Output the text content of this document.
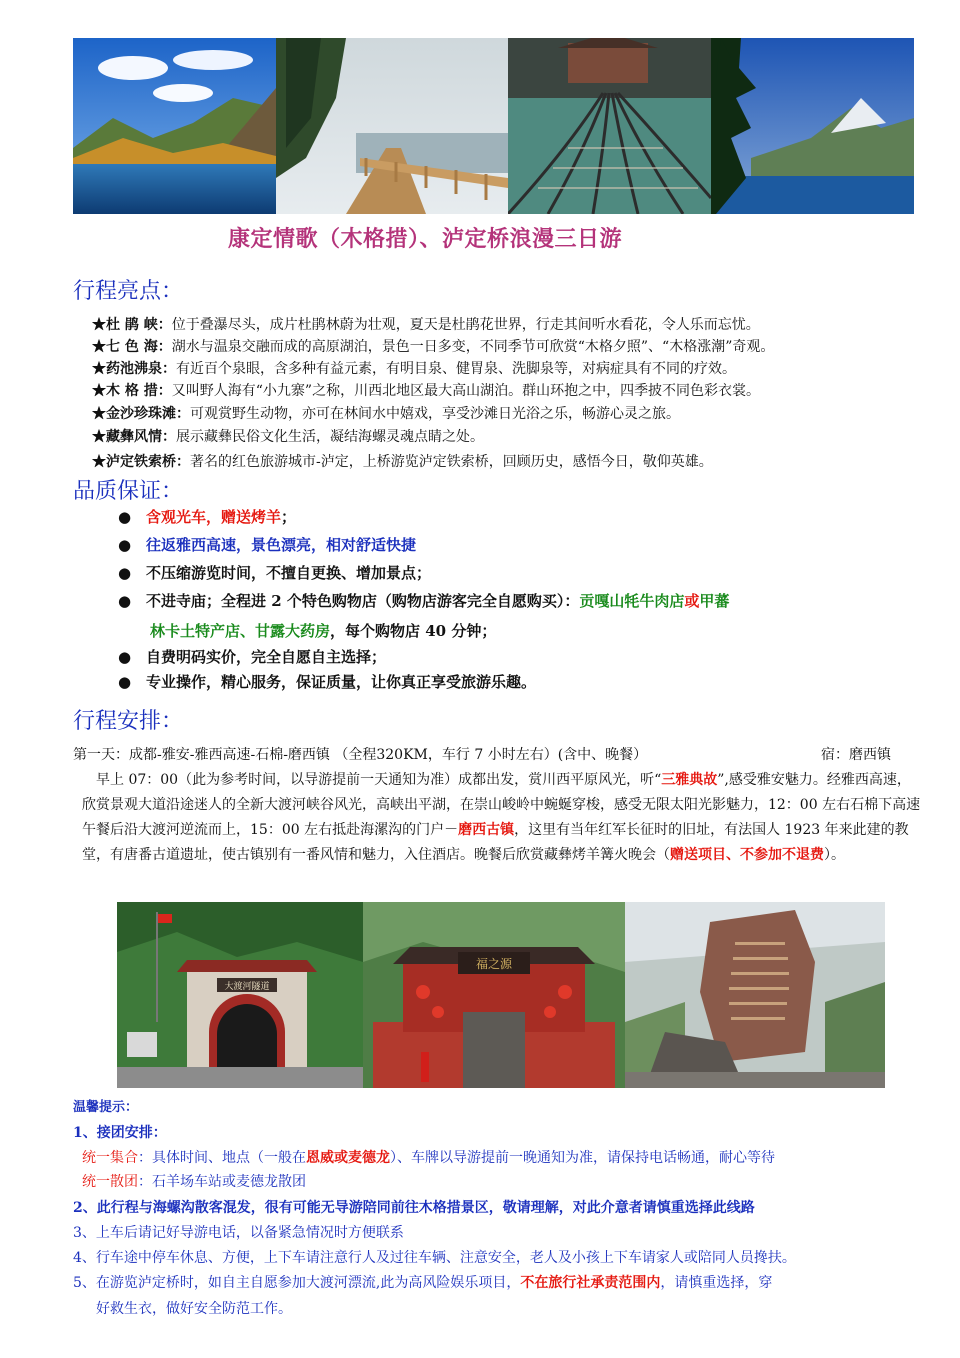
康定情歌（木格措）、泸定桥浪漫三日游
行程亮点：
★杜 鹃 峡：位于叠瀑尽头，成片杜鹃林蔚为壮观，夏天是杜鹃花世界，行走其间听水看花，令人乐而忘忧。
★七 色 海：湖水与温泉交融而成的高原湖泊，景色一日多变，不同季节可欣赏“木格夕照”、“木格涨潮”奇观。
★药池沸泉：有近百个泉眼，含多种有益元素，有明目泉、健胃泉、洗脚泉等，对病症具有不同的疗效。
★木 格 措：又叫野人海有“小九寨”之称，川西北地区最大高山湖泊。群山环抱之中，四季披不同色彩衣裳。
★金沙珍珠滩：可观赏野生动物，亦可在林间水中嬉戏，享受沙滩日光浴之乐，畅游心灵之旅。
★藏彝风情：展示藏彝民俗文化生活，凝结海螺灵魂点睛之处。
★泸定铁索桥：著名的红色旅游城市-泸定，上桥游览泸定铁索桥，回顾历史，感悟今日，敬仰英雄。
品质保证：
● 含观光车，赠送烤羊；
● 往返雅西高速，景色漂亮，相对舒适快捷
● 不压缩游览时间，不擅自更换、增加景点；
● 不进寺庙；全程进 2 个特色购物店（购物店游客完全自愿购买）：贡嘎山牦牛肉店或甲蕃
林卡土特产店、甘露大药房，每个购物店 40 分钟；
● 自费明码实价，完全自愿自主选择；
● 专业操作，精心服务，保证质量，让你真正享受旅游乐趣。
行程安排：
第一天：成都-雅安-雅西高速-石棉-磨西镇 （全程320KM，车行 7 小时左右）(含中、晚餐）	宿：磨西镇
早上 07：00（此为参考时间，以导游提前一天通知为准）成都出发，赏川西平原风光，听“三雅典故”,感受雅安魅力。经雅西高速，欣赏景观大道沿途迷人的全新大渡河峡谷风光，高峡出平湖，在崇山峻岭中蜿蜒穿梭，感受无限太阳光影魅力，12：00 左右石棉下高速午餐后沿大渡河逆流而上，15：00 左右抵赴海漯沟的门户－磨西古镇，这里有当年红军长征时的旧址，有法国人 1923 年来此建的教堂，有唐番古道遗址，使古镇别有一番风情和魅力，入住酒店。晚餐后欣赏藏彝烤羊篝火晚会（赠送项目、不参加不退费）。
大渡河隧道
福之源
温馨提示：
1、接团安排：
统一集合：具体时间、地点（一般在恩威或麦德龙）、车牌以导游提前一晚通知为准，请保持电话畅通，耐心等待
统一散团：石羊场车站或麦德龙散团
2、此行程与海螺沟散客混发，很有可能无导游陪同前往木格措景区，敬请理解，对此介意者请慎重选择此线路
3、上车后请记好导游电话，以备紧急情况时方便联系
4、行车途中停车休息、方便，上下车请注意行人及过往车辆、注意安全，老人及小孩上下车请家人或陪同人员搀扶。
5、在游览泸定桥时，如自主自愿参加大渡河漂流,此为高风险娱乐项目，不在旅行社承责范围内，请慎重选择，穿
好救生衣，做好安全防范工作。
